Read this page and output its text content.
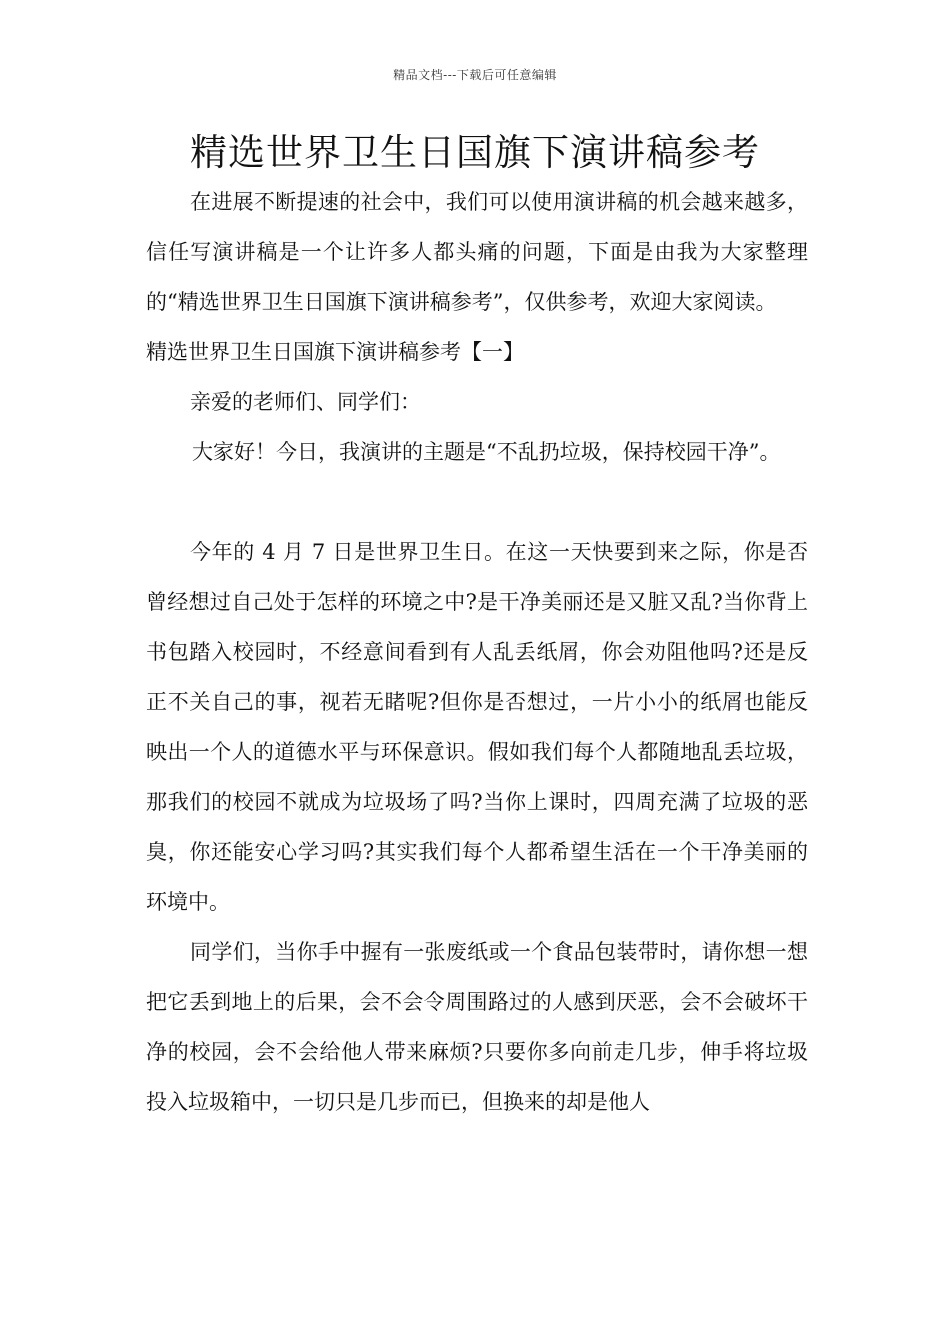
精品文档---下载后可任意编辑
精选世界卫生日国旗下演讲稿参考

在进展不断提速的社会中，我们可以使用演讲稿的机会越来越多，信任写演讲稿是一个让许多人都头痛的问题，下面是由我为大家整理的“精选世界卫生日国旗下演讲稿参考”，仅供参考，欢迎大家阅读。

精选世界卫生日国旗下演讲稿参考【一】

亲爱的老师们、同学们：

大家好！今日，我演讲的主题是“不乱扔垃圾，保持校园干净”。

今年的 4 月 7 日是世界卫生日。在这一天快要到来之际，你是否曾经想过自己处于怎样的环境之中?是干净美丽还是又脏又乱?当你背上书包踏入校园时，不经意间看到有人乱丢纸屑，你会劝阻他吗?还是反正不关自己的事，视若无睹呢?但你是否想过，一片小小的纸屑也能反映出一个人的道德水平与环保意识。假如我们每个人都随地乱丢垃圾，那我们的校园不就成为垃圾场了吗?当你上课时，四周充满了垃圾的恶臭，你还能安心学习吗?其实我们每个人都希望生活在一个干净美丽的环境中。

同学们，当你手中握有一张废纸或一个食品包装带时，请你想一想把它丢到地上的后果，会不会令周围路过的人感到厌恶，会不会破坏干净的校园，会不会给他人带来麻烦?只要你多向前走几步，伸手将垃圾投入垃圾箱中，一切只是几步而已，但换来的却是他人
